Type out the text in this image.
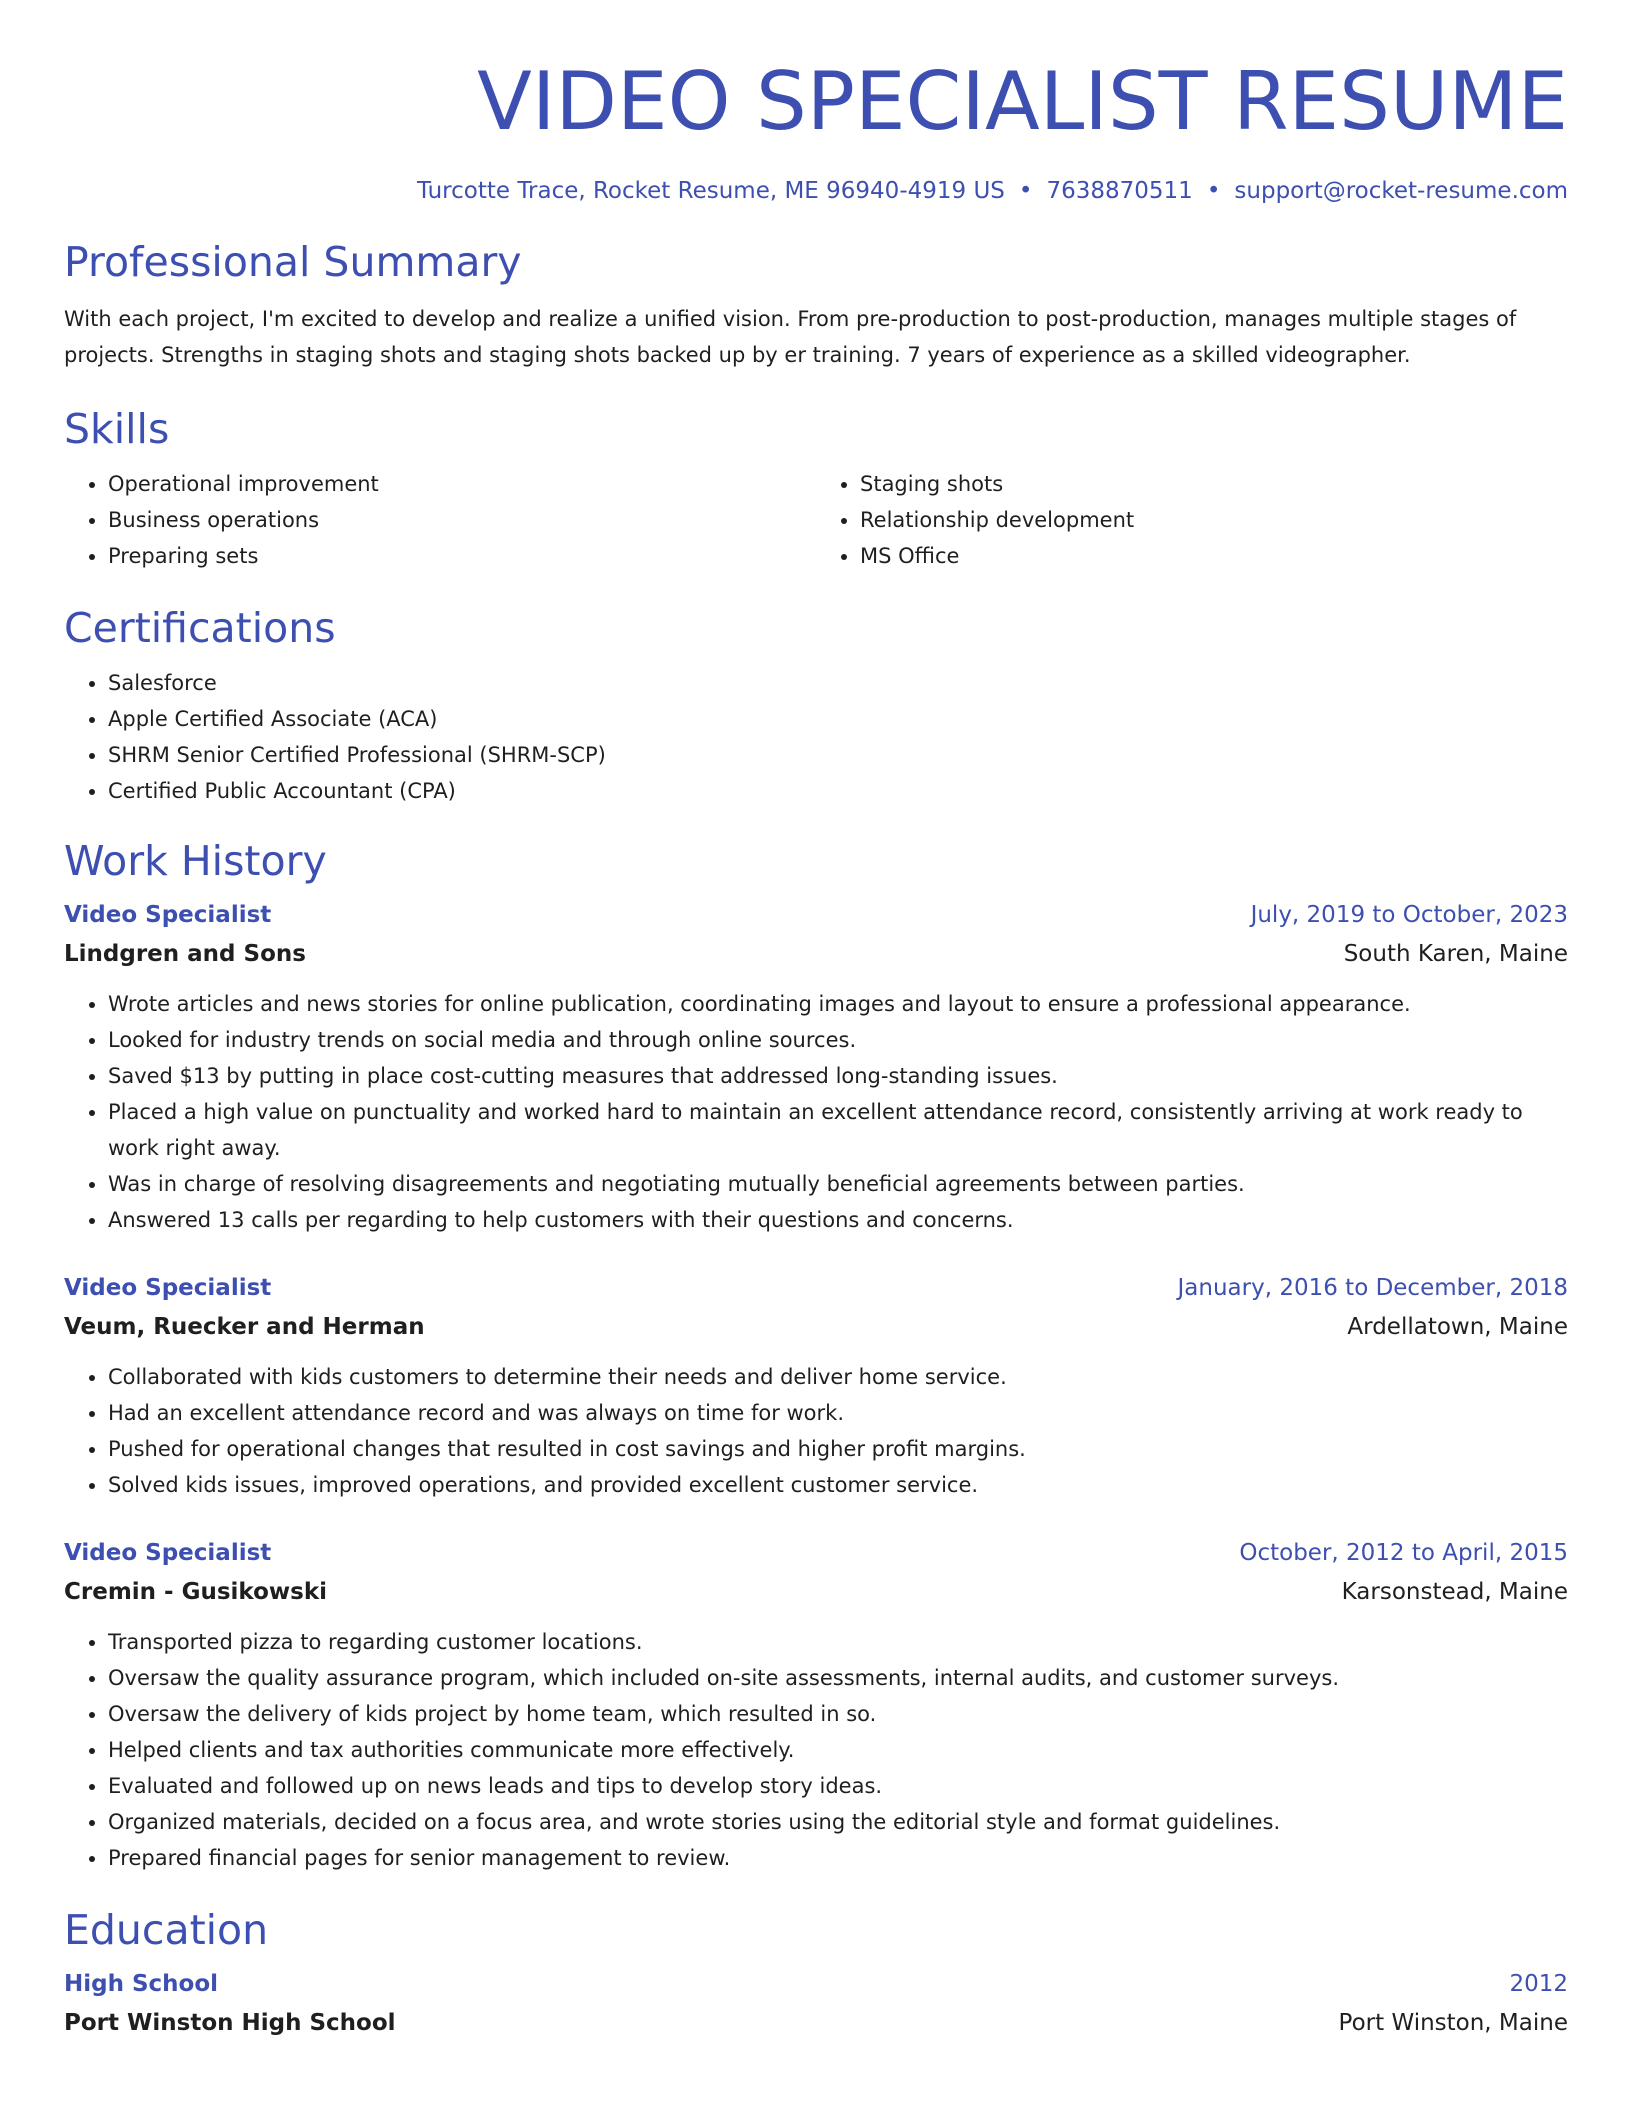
VIDEO SPECIALIST RESUME
Turcotte Trace, Rocket Resume, ME 96940-4919 US • 7638870511 • support@rocket-resume.com
Professional Summary

With each project, I'm excited to develop and realize a unified vision. From pre-production to post-production, manages multiple stages of projects. Strengths in staging shots and staging shots backed up by er training. 7 years of experience as a skilled videographer.

Skills
• Operational improvement
• Business operations
• Preparing sets
• Staging shots
• Relationship development
• MS Office
Certifications
• Salesforce
• Apple Certified Associate (ACA)
• SHRM Senior Certified Professional (SHRM-SCP)
• Certified Public Accountant (CPA)
Work History
Video Specialist	July, 2019 to October, 2023
Lindgren and Sons	South Karen, Maine
• Wrote articles and news stories for online publication, coordinating images and layout to ensure a professional appearance.
• Looked for industry trends on social media and through online sources.
• Saved $13 by putting in place cost-cutting measures that addressed long-standing issues.
• Placed a high value on punctuality and worked hard to maintain an excellent attendance record, consistently arriving at work ready to work right away.
• Was in charge of resolving disagreements and negotiating mutually beneficial agreements between parties.
• Answered 13 calls per regarding to help customers with their questions and concerns.
Video Specialist	January, 2016 to December, 2018
Veum, Ruecker and Herman	Ardellatown, Maine
• Collaborated with kids customers to determine their needs and deliver home service.
• Had an excellent attendance record and was always on time for work.
• Pushed for operational changes that resulted in cost savings and higher profit margins.
• Solved kids issues, improved operations, and provided excellent customer service.
Video Specialist	October, 2012 to April, 2015
Cremin - Gusikowski	Karsonstead, Maine
• Transported pizza to regarding customer locations.
• Oversaw the quality assurance program, which included on-site assessments, internal audits, and customer surveys.
• Oversaw the delivery of kids project by home team, which resulted in so.
• Helped clients and tax authorities communicate more effectively.
• Evaluated and followed up on news leads and tips to develop story ideas.
• Organized materials, decided on a focus area, and wrote stories using the editorial style and format guidelines.
• Prepared financial pages for senior management to review.
Education
High School	2012
Port Winston High School	Port Winston, Maine
